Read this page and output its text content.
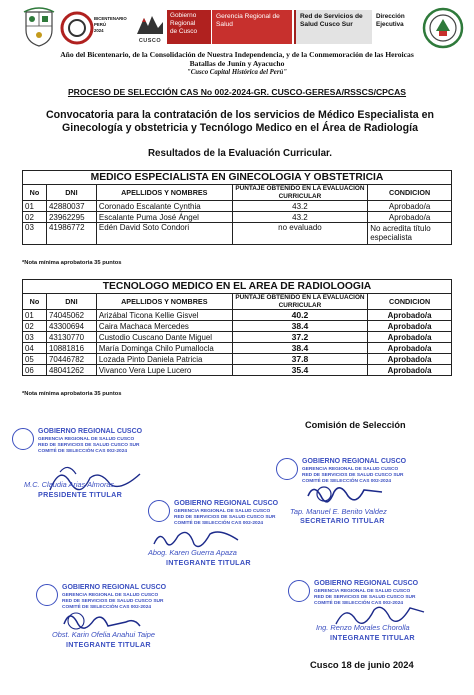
BICENTENARIO
PERÚ
2024
CUSCO
Gobierno
Regional
de Cusco
Gerencia Regional de
Salud
Red de Servicios de
Salud Cusco Sur
Dirección
Ejecutiva
Año del Bicentenario, de la Consolidación de Nuestra Independencia, y de la Conmemoración de las Heroicas
Batallas de Junín y Ayacucho
"Cusco Capital Histórica del Perú"
PROCESO DE SELECCIÓN CAS No 002-2024-GR. CUSCO-GERESA/RSSCS/CPCAS
Convocatoria para la contratación de los servicios de Médico Especialista en
Ginecología y obstetricia y Tecnólogo Medico en el Área de Radiología
Resultados de la Evaluación Curricular.
MEDICO ESPECIALISTA EN GINECOLOGIA Y OBSTETRICIA				
No	DNI	APELLIDOS Y NOMBRES	PUNTAJE OBTENIDO EN LA EVALUACION CURRICULAR	CONDICION
01	42880037	Coronado Escalante Cynthia	43.2	Aprobado/a
02	23962295	Escalante Puma José Ángel	43.2	Aprobado/a
03	41986772	Edén David Soto Condori	no evaluado	No acredita título especialista
*Nota mínima aprobatoria 35 puntos
TECNOLOGO MEDICO EN EL AREA DE RADIOLOOGIA				
No	DNI	APELLIDOS Y NOMBRES	PUNTAJE OBTENIDO EN LA EVALUACION CURRICULAR	CONDICION
01	74045062	Arizábal Ticona Kellie Gisvel	40.2	Aprobado/a
02	43300694	Caira Machaca Mercedes	38.4	Aprobado/a
03	43130770	Custodio Cuscano Dante Miguel	37.2	Aprobado/a
04	10881816	María Dominga Chilo Pumallocla	38.4	Aprobado/a
05	70446782	Lozada Pinto Daniela Patricia	37.8	Aprobado/a
06	48041262	Vivanco Vera Lupe Lucero	35.4	Aprobado/a
*Nota mínima aprobatoria 35 puntos
Comisión de Selección
GOBIERNO REGIONAL CUSCO
GERENCIA REGIONAL DE SALUD CUSCO
RED DE SERVICIOS DE SALUD CUSCO SUR
COMITÉ DE SELECCIÓN CAS 002-2024
M.C. Claudia Arias Almoras
PRESIDENTE TITULAR
GOBIERNO REGIONAL CUSCO
GERENCIA REGIONAL DE SALUD CUSCO
RED DE SERVICIOS DE SALUD CUSCO SUR
COMITÉ DE SELECCIÓN CAS 002-2024
Tap. Manuel E. Benito Valdez
SECRETARIO TITULAR
GOBIERNO REGIONAL CUSCO
GERENCIA REGIONAL DE SALUD CUSCO
RED DE SERVICIOS DE SALUD CUSCO SUR
COMITÉ DE SELECCIÓN CAS 002-2024
Abog. Karen Guerra Apaza
INTEGRANTE TITULAR
GOBIERNO REGIONAL CUSCO
GERENCIA REGIONAL DE SALUD CUSCO
RED DE SERVICIOS DE SALUD CUSCO SUR
COMITÉ DE SELECCIÓN CAS 002-2024
Obst. Karin Ofelia Anahui Taipe
INTEGRANTE TITULAR
GOBIERNO REGIONAL CUSCO
GERENCIA REGIONAL DE SALUD CUSCO
RED DE SERVICIOS DE SALUD CUSCO SUR
COMITÉ DE SELECCIÓN CAS 002-2024
Ing. Renzo Morales Chorolla
INTEGRANTE TITULAR
Cusco 18 de junio 2024
